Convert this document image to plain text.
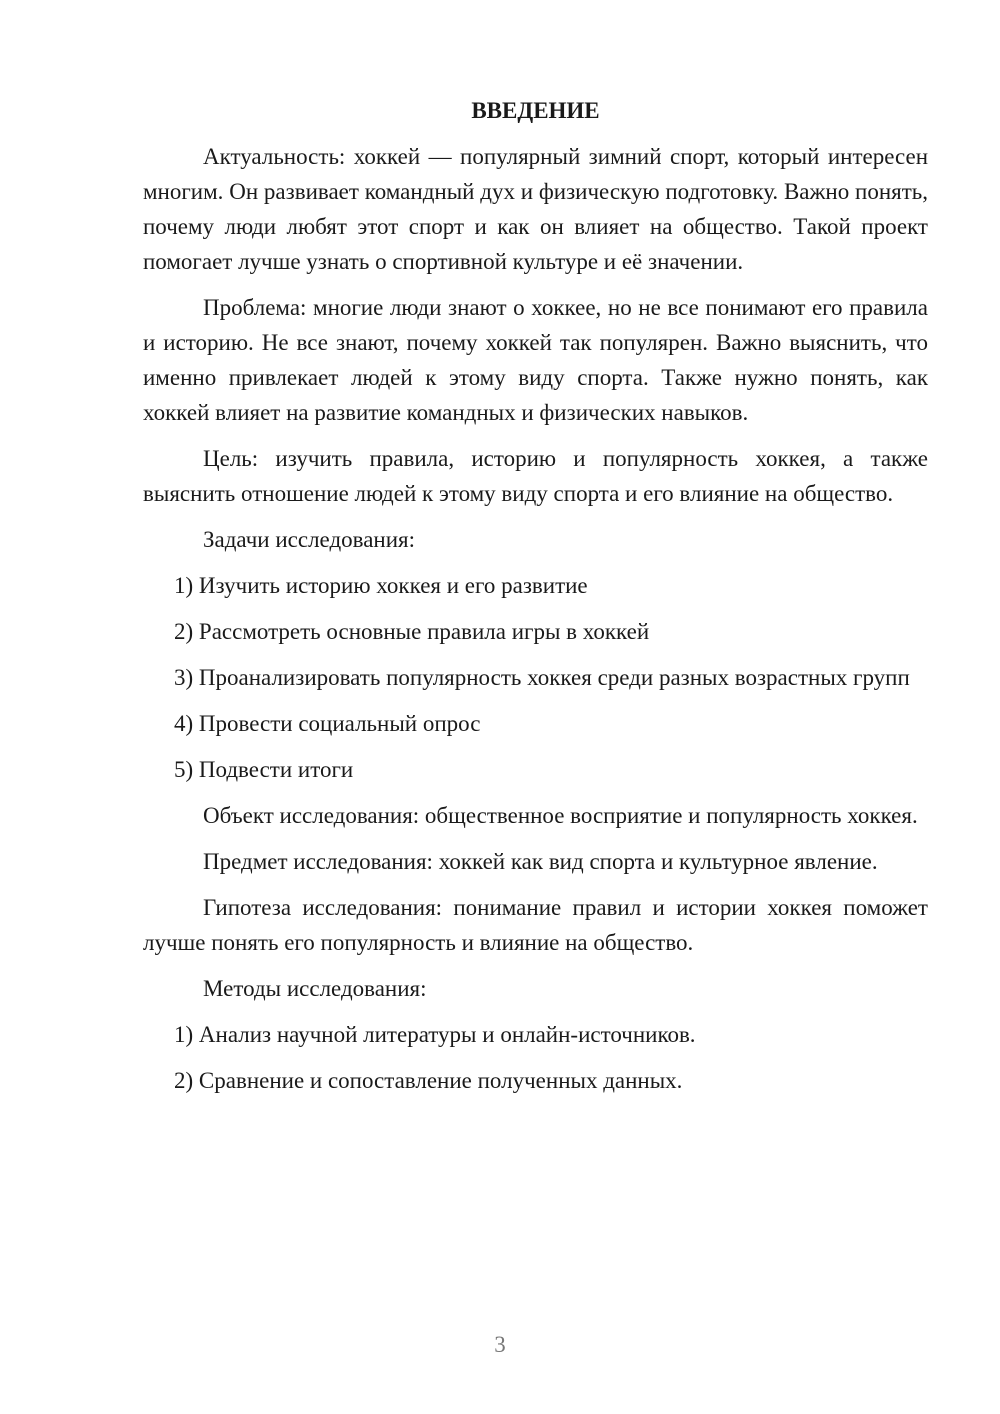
ВВЕДЕНИЕ

Актуальность: хоккей — популярный зимний спорт, который интересен многим. Он развивает командный дух и физическую подготовку. Важно понять, почему люди любят этот спорт и как он влияет на общество. Такой проект помогает лучше узнать о спортивной культуре и её значении.

Проблема: многие люди знают о хоккее, но не все понимают его правила и историю. Не все знают, почему хоккей так популярен. Важно выяснить, что именно привлекает людей к этому виду спорта. Также нужно понять, как хоккей влияет на развитие командных и физических навыков.

Цель: изучить правила, историю и популярность хоккея, а также выяснить отношение людей к этому виду спорта и его влияние на общество.

Задачи исследования:

1) Изучить историю хоккея и его развитие

2) Рассмотреть основные правила игры в хоккей

3) Проанализировать популярность хоккея среди разных возрастных групп

4) Провести социальный опрос

5) Подвести итоги

Объект исследования: общественное восприятие и популярность хоккея.

Предмет исследования: хоккей как вид спорта и культурное явление.

Гипотеза исследования: понимание правил и истории хоккея поможет лучше понять его популярность и влияние на общество.

Методы исследования:

1) Анализ научной литературы и онлайн-источников.

2) Сравнение и сопоставление полученных данных.

3
